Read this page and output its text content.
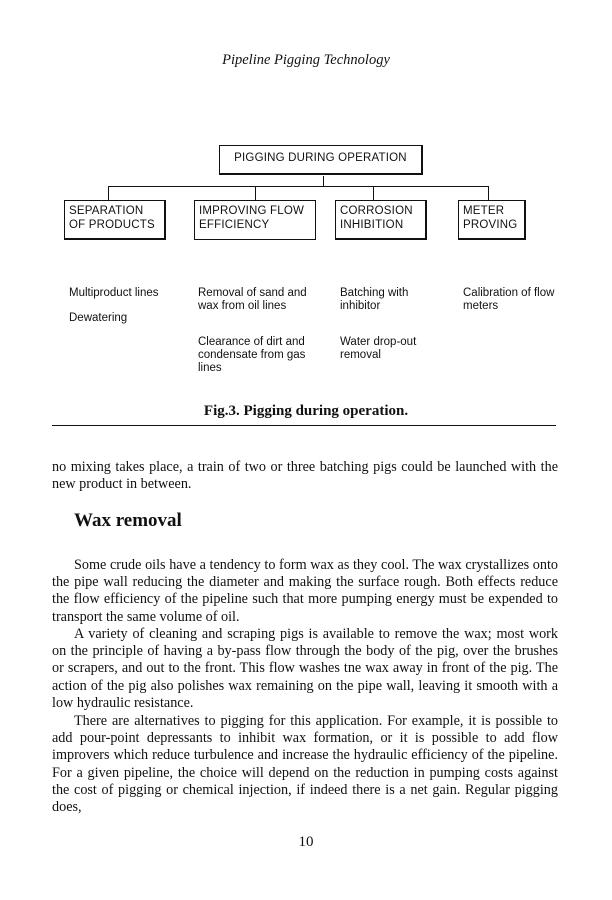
Pipeline Pigging Technology
PIGGING DURING OPERATION
SEPARATION
OF PRODUCTS
IMPROVING FLOW
EFFICIENCY
CORROSION
INHIBITION
METER
PROVING
Multiproduct lines
Dewatering
Removal of sand and wax from oil lines
Clearance of dirt and condensate from gas lines
Batching with inhibitor
Water drop-out removal
Calibration of flow meters
Fig.3. Pigging during operation.

no mixing takes place, a train of two or three batching pigs could be launched with the new product in between.

Wax removal

Some crude oils have a tendency to form wax as they cool. The wax crystallizes onto the pipe wall reducing the diameter and making the surface rough. Both effects reduce the flow efficiency of the pipeline such that more pumping energy must be expended to transport the same volume of oil.

A variety of cleaning and scraping pigs is available to remove the wax; most work on the principle of having a by-pass flow through the body of the pig, over the brushes or scrapers, and out to the front. This flow washes tne wax away in front of the pig. The action of the pig also polishes wax remaining on the pipe wall, leaving it smooth with a low hydraulic resistance.

There are alternatives to pigging for this application. For example, it is possible to add pour-point depressants to inhibit wax formation, or it is possible to add flow improvers which reduce turbulence and increase the hydraulic efficiency of the pipeline. For a given pipeline, the choice will depend on the reduction in pumping costs against the cost of pigging or chemical injection, if indeed there is a net gain. Regular pigging does,

10
